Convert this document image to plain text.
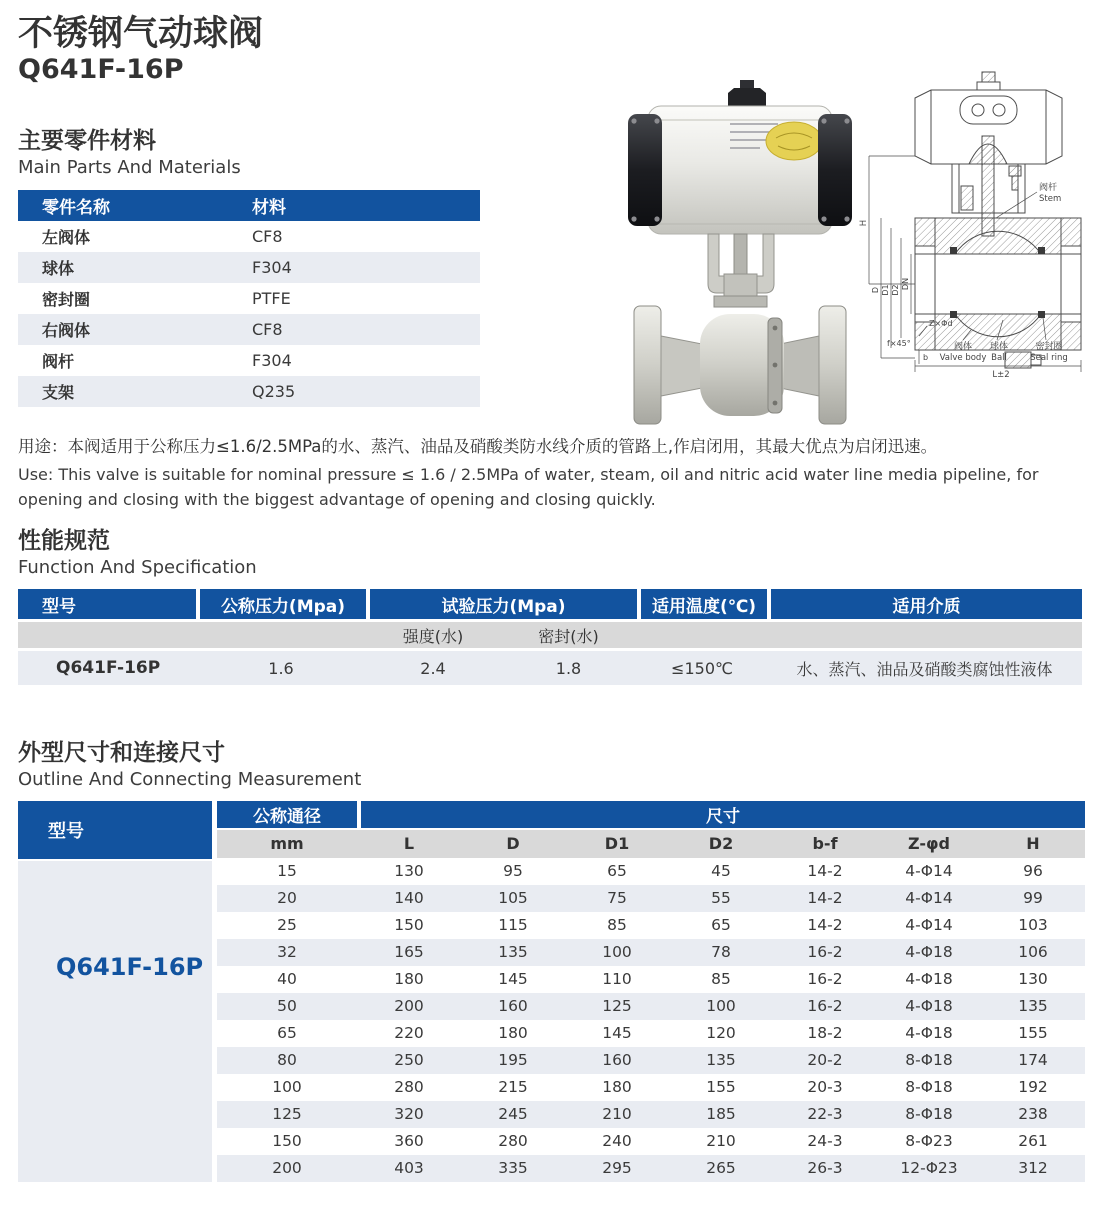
不锈钢气动球阀
Q641F-16P
主要零件材料
Main Parts And Materials
零件名称	材料
左阀体	CF8
球体	F304
密封圈	PTFE
右阀体	CF8
阀杆	F304
支架	Q235

用途：本阀适用于公称压力≤1.6/2.5MPa的水、蒸汽、油品及硝酸类防水线介质的管路上,作启闭用，其最大优点为启闭迅速。

Use: This valve is suitable for nominal pressure ≤ 1.6 / 2.5MPa of water, steam, oil and nitric acid water line media pipeline, for opening and closing with the biggest advantage of opening and closing quickly.

性能规范
Function And Specification
型号	公称压力(Mpa)	试验压力(Mpa)		适用温度(℃)	适用介质
		强度(水)	密封(水)		
Q641F-16P	1.6	2.4	1.8	≤150℃	水、蒸汽、油品及硝酸类腐蚀性液体
外型尺寸和连接尺寸
Outline And Connecting Measurement
型号
Q641F-16P
公称通径	尺寸						
mm	L	D	D1	D2	b-f	Z-φd	H
15	130	95	65	45	14-2	4-Φ14	96
20	140	105	75	55	14-2	4-Φ14	99
25	150	115	85	65	14-2	4-Φ14	103
32	165	135	100	78	16-2	4-Φ18	106
40	180	145	110	85	16-2	4-Φ18	130
50	200	160	125	100	16-2	4-Φ18	135
65	220	180	145	120	18-2	4-Φ18	155
80	250	195	160	135	20-2	8-Φ18	174
100	280	215	180	155	20-3	8-Φ18	192
125	320	245	210	185	22-3	8-Φ18	238
150	360	280	240	210	24-3	8-Φ23	261
200	403	335	295	265	26-3	12-Φ23	312
阀杆
Stem
H
D D1 D2 DN
Z×Φd
f×45°
b
阀体
Valve body
球体
Ball
密封圈
Seal ring
L±2
